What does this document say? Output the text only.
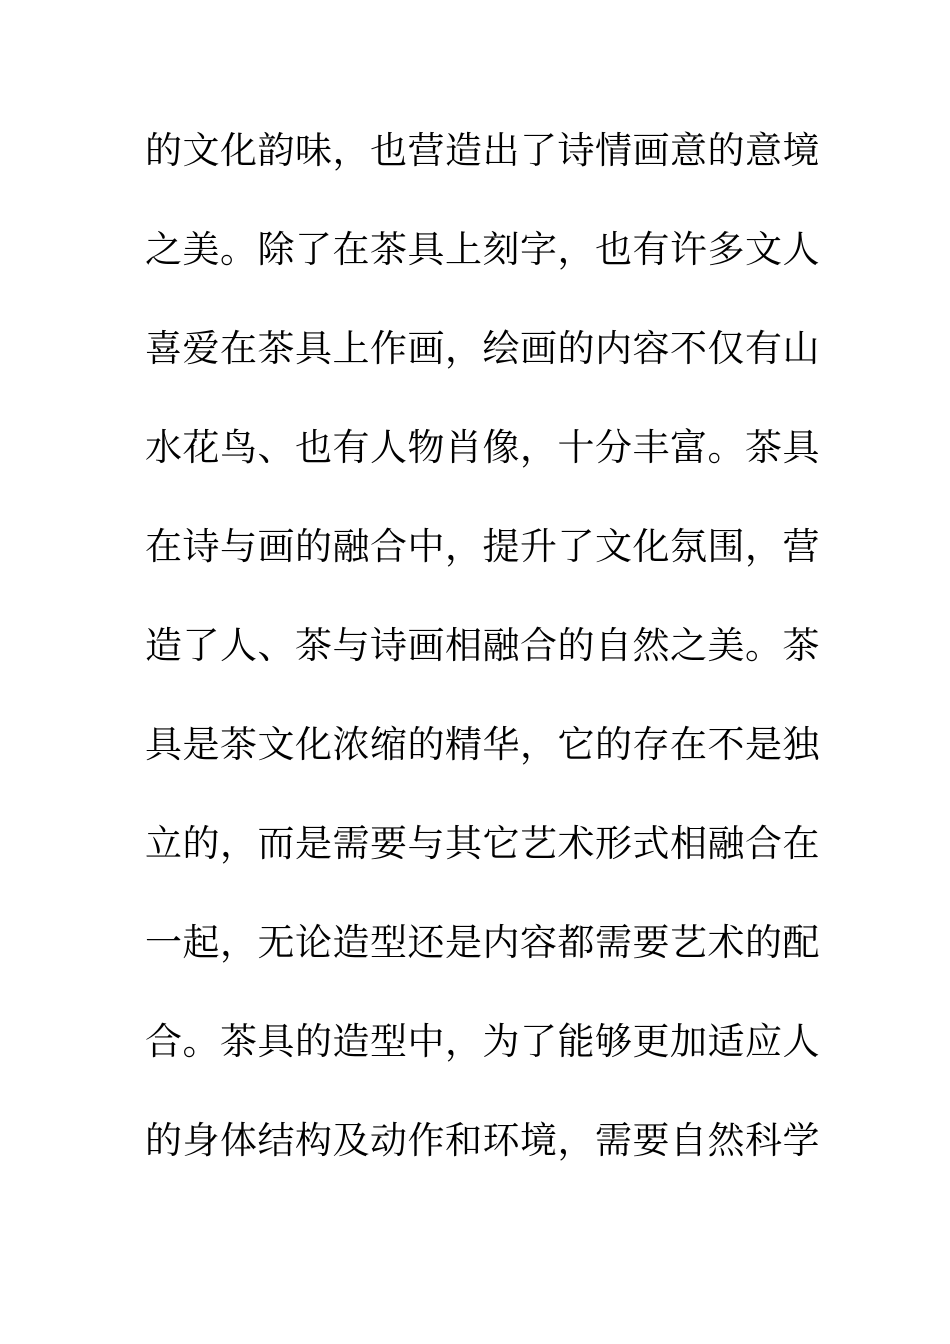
的文化韵味，也营造出了诗情画意的意境
之美。除了在茶具上刻字，也有许多文人
喜爱在茶具上作画，绘画的内容不仅有山
水花鸟、也有人物肖像，十分丰富。茶具
在诗与画的融合中，提升了文化氛围，营
造了人、茶与诗画相融合的自然之美。茶
具是茶文化浓缩的精华，它的存在不是独
立的，而是需要与其它艺术形式相融合在
一起，无论造型还是内容都需要艺术的配
合。茶具的造型中，为了能够更加适应人
的身体结构及动作和环境，需要自然科学
